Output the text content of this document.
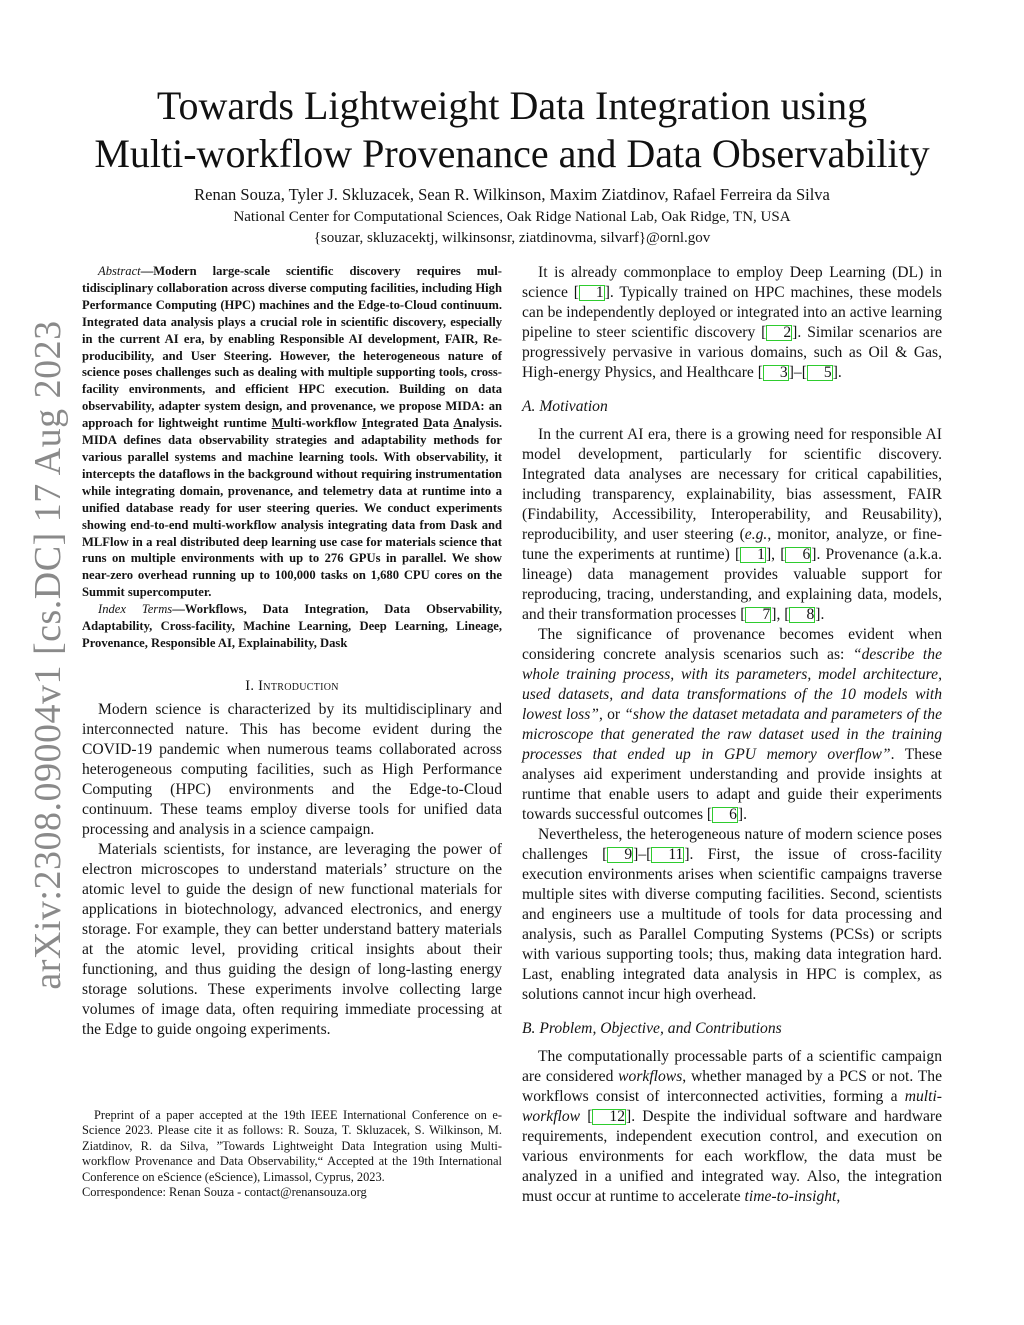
arXiv:2308.09004v1 [cs.DC] 17 Aug 2023
Towards Lightweight Data Integration using
Multi-workflow Provenance and Data Observability
Renan Souza, Tyler J. Skluzacek, Sean R. Wilkinson, Maxim Ziatdinov, Rafael Ferreira da Silva
National Center for Computational Sciences, Oak Ridge National Lab, Oak Ridge, TN, USA
{souzar, skluzacektj, wilkinsonsr, ziatdinovma, silvarf}@ornl.gov

Abstract—Modern large-scale scientific discovery requires multidisciplinary collaboration across diverse computing facilities, including High Performance Computing (HPC) machines and the Edge-to-Cloud continuum. Integrated data analysis plays a crucial role in scientific discovery, especially in the current AI era, by enabling Responsible AI development, FAIR, Reproducibility, and User Steering. However, the heterogeneous nature of science poses challenges such as dealing with multiple supporting tools, cross-facility environments, and efficient HPC execution. Building on data observability, adapter system design, and provenance, we propose MIDA: an approach for lightweight runtime Multi-workflow Integrated Data Analysis. MIDA defines data observability strategies and adaptability methods for various parallel systems and machine learning tools. With observability, it intercepts the dataflows in the background without requiring instrumentation while integrating domain, provenance, and telemetry data at runtime into a unified database ready for user steering queries. We conduct experiments showing end-to-end multi-workflow analysis integrating data from Dask and MLFlow in a real distributed deep learning use case for materials science that runs on multiple environments with up to 276 GPUs in parallel. We show near-zero overhead running up to 100,000 tasks on 1,680 CPU cores on the Summit supercomputer.

Index Terms—Workflows, Data Integration, Data Observability, Adaptability, Cross-facility, Machine Learning, Deep Learning, Lineage, Provenance, Responsible AI, Explainability, Dask

I. Introduction

Modern science is characterized by its multidisciplinary and interconnected nature. This has become evident during the COVID-19 pandemic when numerous teams collaborated across heterogeneous computing facilities, such as High Performance Computing (HPC) environments and the Edge-to-Cloud continuum. These teams employ diverse tools for unified data processing and analysis in a science campaign.

Materials scientists, for instance, are leveraging the power of electron microscopes to understand materials’ structure on the atomic level to guide the design of new functional materials for applications in biotechnology, advanced electronics, and energy storage. For example, they can better understand battery materials at the atomic level, providing critical insights about their functioning, and thus guiding the design of long-lasting energy storage solutions. These experiments involve collecting large volumes of image data, often requiring immediate processing at the Edge to guide ongoing experiments.

Preprint of a paper accepted at the 19th IEEE International Conference on e-Science 2023. Please cite it as follows: R. Souza, T. Skluzacek, S. Wilkinson, M. Ziatdinov, R. da Silva, ”Towards Lightweight Data Integration using Multi-workflow Provenance and Data Observability,“ Accepted at the 19th International Conference on eScience (eScience), Limassol, Cyprus, 2023.

Correspondence: Renan Souza - contact@renansouza.org

It is already commonplace to employ Deep Learning (DL) in science [ 1]. Typically trained on HPC machines, these models can be independently deployed or integrated into an active learning pipeline to steer scientific discovery [ 2]. Similar scenarios are progressively pervasive in various domains, such as Oil & Gas, High-energy Physics, and Healthcare [ 3]–[ 5].

A. Motivation

In the current AI era, there is a growing need for responsible AI model development, particularly for scientific discovery. Integrated data analyses are necessary for critical capabilities, including transparency, explainability, bias assessment, FAIR (Findability, Accessibility, Interoperability, and Reusability), reproducibility, and user steering (e.g., monitor, analyze, or fine-tune the experiments at runtime) [ 1], [ 6]. Provenance (a.k.a. lineage) data management provides valuable support for reproducing, tracing, understanding, and explaining data, models, and their transformation processes [ 7], [ 8].

The significance of provenance becomes evident when considering concrete analysis scenarios such as: “describe the whole training process, with its parameters, model architecture, used datasets, and data transformations of the 10 models with lowest loss”, or “show the dataset metadata and parameters of the microscope that generated the raw dataset used in the training processes that ended up in GPU memory overflow”. These analyses aid experiment understanding and provide insights at runtime that enable users to adapt and guide their experiments towards successful outcomes [ 6].

Nevertheless, the heterogeneous nature of modern science poses challenges [ 9]–[ 11]. First, the issue of cross-facility execution environments arises when scientific campaigns traverse multiple sites with diverse computing facilities. Second, scientists and engineers use a multitude of tools for data processing and analysis, such as Parallel Computing Systems (PCSs) or scripts with various supporting tools; thus, making data integration hard. Last, enabling integrated data analysis in HPC is complex, as solutions cannot incur high overhead.

B. Problem, Objective, and Contributions

The computationally processable parts of a scientific campaign are considered workflows, whether managed by a PCS or not. The workflows consist of interconnected activities, forming a multi-workflow [ 12]. Despite the individual software and hardware requirements, independent execution control, and execution on various environments for each workflow, the data must be analyzed in a unified and integrated way. Also, the integration must occur at runtime to accelerate time-to-insight,
